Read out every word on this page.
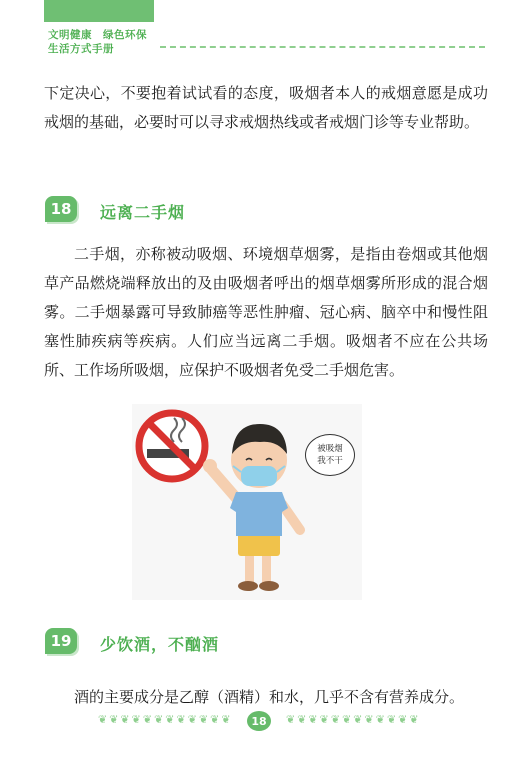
文明健康　绿色环保
生活方式手册

下定决心，不要抱着试试看的态度，吸烟者本人的戒烟意愿是成功戒烟的基础，必要时可以寻求戒烟热线或者戒烟门诊等专业帮助。

18	远离二手烟

二手烟，亦称被动吸烟、环境烟草烟雾，是指由卷烟或其他烟草产品燃烧端释放出的及由吸烟者呼出的烟草烟雾所形成的混合烟雾。二手烟暴露可导致肺癌等恶性肿瘤、冠心病、脑卒中和慢性阻塞性肺疾病等疾病。人们应当远离二手烟。吸烟者不应在公共场所、工作场所吸烟，应保护不吸烟者免受二手烟危害。

被吸烟
我不干
19	少饮酒，不酗酒

酒的主要成分是乙醇（酒精）和水，几乎不含有营养成分。

❦❦❦❦❦❦❦❦❦❦❦❦	18	❦❦❦❦❦❦❦❦❦❦❦❦
